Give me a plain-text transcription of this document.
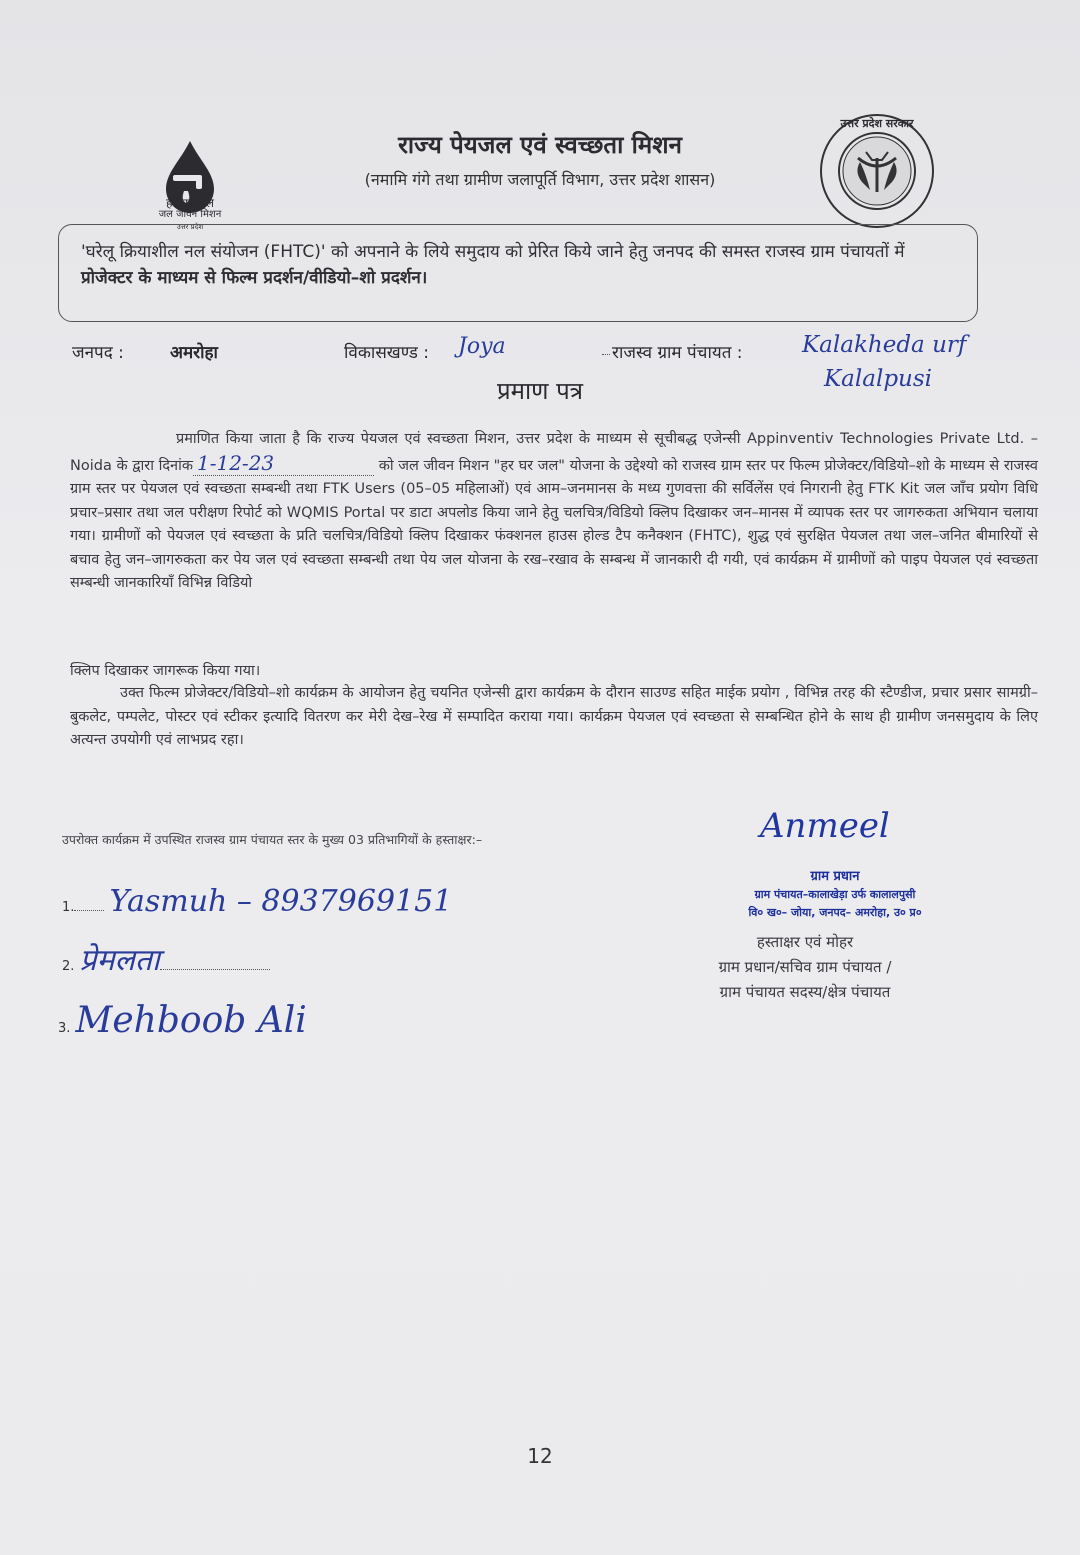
हर घर जल
जल जीवन मिशन
उत्तर प्रदेश
राज्य पेयजल एवं स्वच्छता मिशन
(नमामि गंगे तथा ग्रामीण जलापूर्ति विभाग, उत्तर प्रदेश शासन)
उत्तर प्रदेश सरकार
'घरेलू क्रियाशील नल संयोजन (FHTC)' को अपनाने के लिये समुदाय को प्रेरित किये जाने हेतु जनपद की समस्त राजस्व ग्राम पंचायतों में प्रोजेक्टर के माध्यम से फिल्म प्रदर्शन/वीडियो–शो प्रदर्शन।
जनपद :	अमरोहा	विकासखण्ड : Joya	राजस्व ग्राम पंचायत :	Kalakheda urf
Kalalpusi
प्रमाण पत्र
प्रमाणित किया जाता है कि राज्य पेयजल एवं स्वच्छता मिशन, उत्तर प्रदेश के माध्यम से सूचीबद्ध एजेन्सी Appinventiv Technologies Private Ltd. – Noida के द्वारा दिनांक 1-12-23	को जल जीवन मिशन "हर घर जल" योजना के उद्देश्यो को राजस्व ग्राम स्तर पर फिल्म प्रोजेक्टर/विडियो–शो के माध्यम से राजस्व ग्राम स्तर पर पेयजल एवं स्वच्छता सम्बन्धी तथा FTK Users (05–05 महिलाओं) एवं आम–जनमानस के मध्य गुणवत्ता की सर्विलेंस एवं निगरानी हेतु FTK Kit जल जाँच प्रयोग विधि प्रचार–प्रसार तथा जल परीक्षण रिपोर्ट को WQMIS Portal पर डाटा अपलोड किया जाने हेतु चलचित्र/विडियो क्लिप दिखाकर जन–मानस में व्यापक स्तर पर जागरुकता अभियान चलाया गया। ग्रामीणों को पेयजल एवं स्वच्छता के प्रति चलचित्र/विडियो क्लिप दिखाकर फंक्शनल हाउस होल्ड टैप कनैक्शन (FHTC), शुद्ध एवं सुरक्षित पेयजल तथा जल–जनित बीमारियों से बचाव हेतु जन–जागरुकता कर पेय जल एवं स्वच्छता सम्बन्धी तथा पेय जल योजना के रख–रखाव के सम्बन्ध में जानकारी दी गयी, एवं कार्यक्रम में ग्रामीणों को पाइप पेयजल एवं स्वच्छता सम्बन्धी जानकारियाँ विभिन्न विडियो
क्लिप दिखाकर जागरूक किया गया।
उक्त फिल्म प्रोजेक्टर/विडियो–शो कार्यक्रम के आयोजन हेतु चयनित एजेन्सी द्वारा कार्यक्रम के दौरान साउण्ड सहित माईक प्रयोग , विभिन्न तरह की स्टैण्डीज, प्रचार प्रसार सामग्री–बुकलेट, पम्पलेट, पोस्टर एवं स्टीकर इत्यादि वितरण कर मेरी देख–रेख में सम्पादित कराया गया। कार्यक्रम पेयजल एवं स्वच्छता से सम्बन्धित होने के साथ ही ग्रामीण जनसमुदाय के लिए अत्यन्त उपयोगी एवं लाभप्रद रहा।
उपरोक्त कार्यक्रम में उपस्थित राजस्व ग्राम पंचायत स्तर के मुख्य 03 प्रतिभागियों के हस्ताक्षर:–
1. Yasmuh – 8937969151
2. प्रेमलता
3. Mehboob Ali
Anmeel
ग्राम प्रधान
ग्राम पंचायत–कालाखेड़ा उर्फ कालालपुसी
वि० ख०– जोया, जनपद– अमरोहा, उ० प्र०
हस्ताक्षर एवं मोहर
ग्राम प्रधान/सचिव ग्राम पंचायत /
ग्राम पंचायत सदस्य/क्षेत्र पंचायत
12
